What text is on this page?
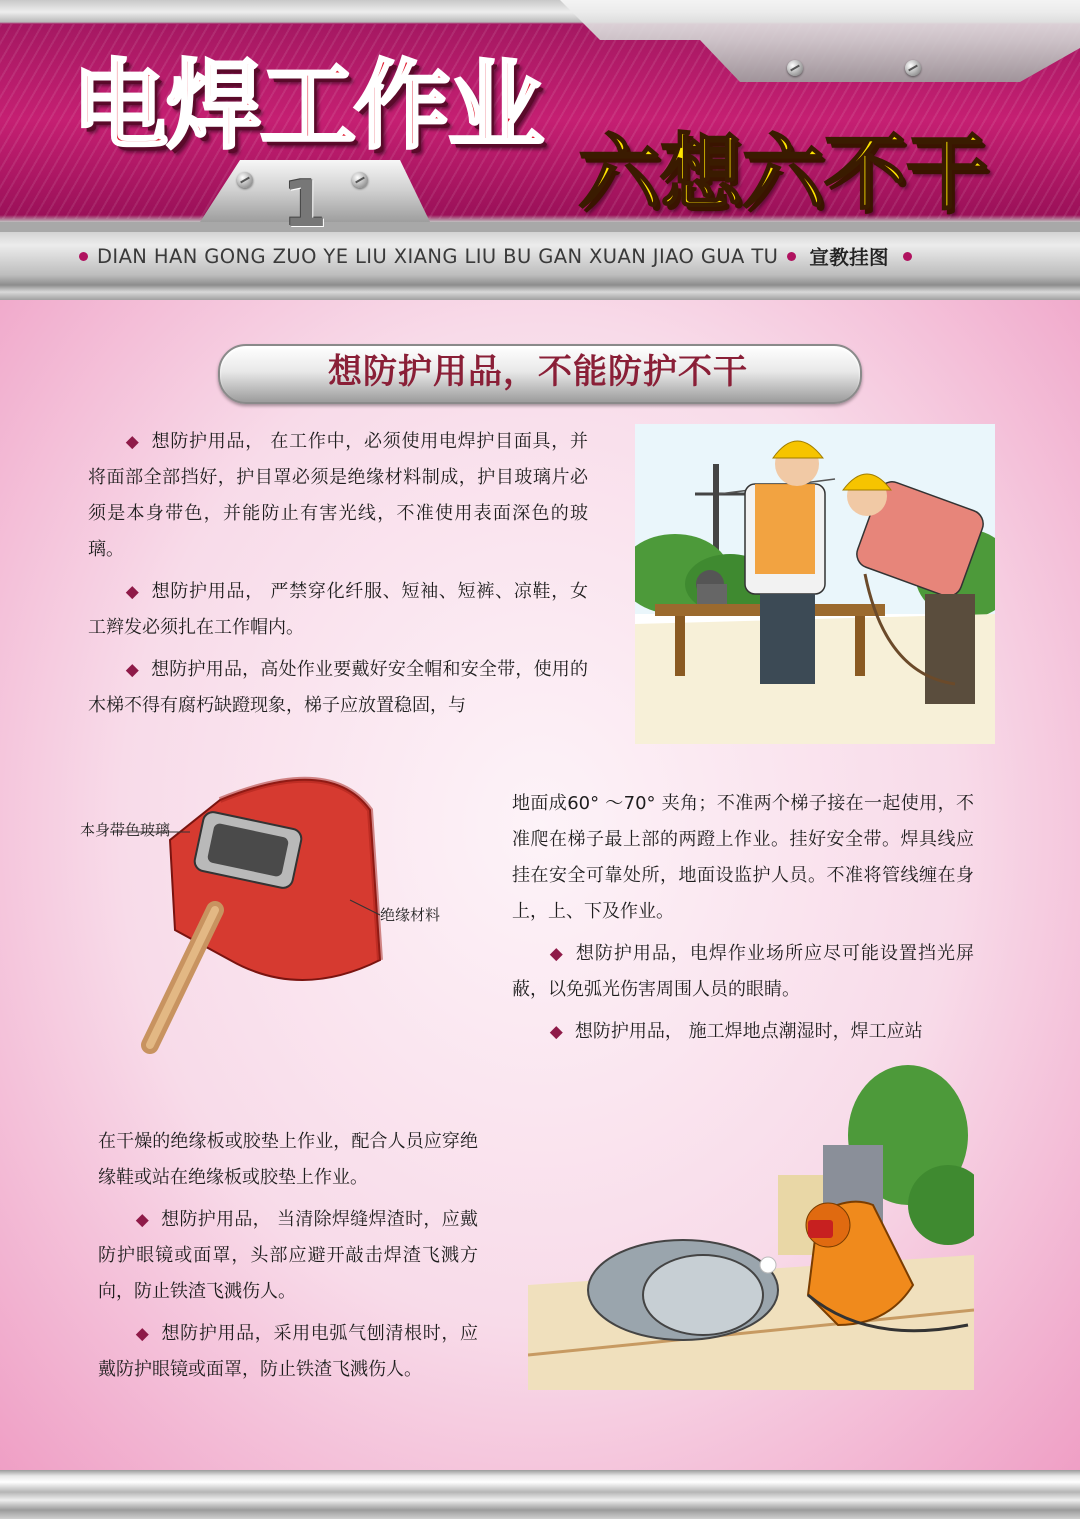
电焊工作业
六想六不干
1
DIAN HAN GONG ZUO YE LIU XIANG LIU BU GAN XUAN JIAO GUA TU 宣教挂图
想防护用品，不能防护不干

◆ 想防护用品， 在工作中，必须使用电焊护目面具，并将面部全部挡好，护目罩必须是绝缘材料制成，护目玻璃片必须是本身带色，并能防止有害光线，不准使用表面深色的玻璃。

◆ 想防护用品， 严禁穿化纤服、短袖、短裤、凉鞋，女工辫发必须扎在工作帽内。

◆ 想防护用品，高处作业要戴好安全帽和安全带，使用的木梯不得有腐朽缺蹬现象，梯子应放置稳固，与

本身带色玻璃
绝缘材料

地面成60° ～70° 夹角；不准两个梯子接在一起使用，不准爬在梯子最上部的两蹬上作业。挂好安全带。焊具线应挂在安全可靠处所，地面设监护人员。不准将管线缠在身上，上、下及作业。

◆ 想防护用品，电焊作业场所应尽可能设置挡光屏蔽，以免弧光伤害周围人员的眼睛。

◆ 想防护用品， 施工焊地点潮湿时，焊工应站

在干燥的绝缘板或胶垫上作业，配合人员应穿绝缘鞋或站在绝缘板或胶垫上作业。

◆ 想防护用品， 当清除焊缝焊渣时，应戴防护眼镜或面罩，头部应避开敲击焊渣飞溅方向，防止铁渣飞溅伤人。

◆ 想防护用品，采用电弧气刨清根时，应戴防护眼镜或面罩，防止铁渣飞溅伤人。
